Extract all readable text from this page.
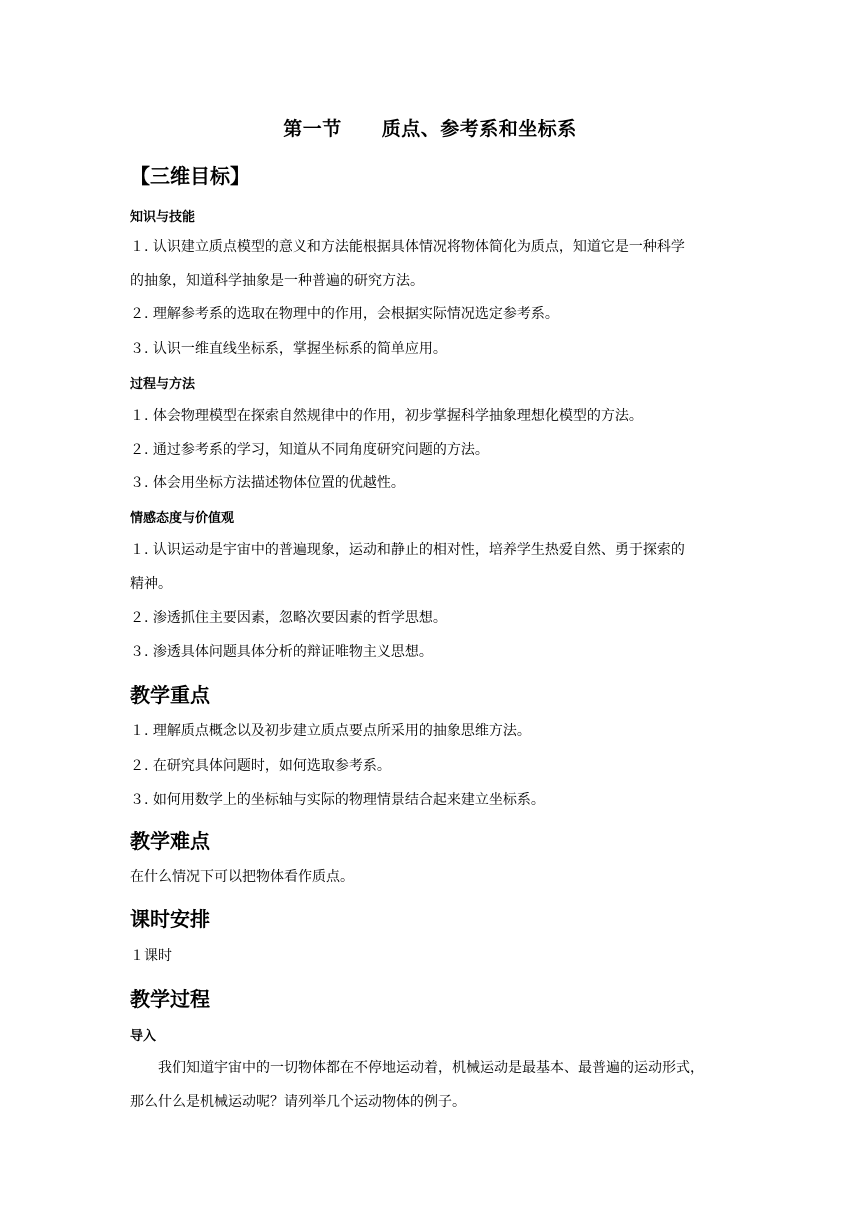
第一节 质点、参考系和坐标系
【三维目标】
知识与技能
１. 认识建立质点模型的意义和方法能根据具体情况将物体简化为质点，知道它是一种科学
的抽象，知道科学抽象是一种普遍的研究方法。
２. 理解参考系的选取在物理中的作用，会根据实际情况选定参考系。
３. 认识一维直线坐标系，掌握坐标系的简单应用。
过程与方法
１. 体会物理模型在探索自然规律中的作用，初步掌握科学抽象理想化模型的方法。
２. 通过参考系的学习，知道从不同角度研究问题的方法。
３. 体会用坐标方法描述物体位置的优越性。
情感态度与价值观
１. 认识运动是宇宙中的普遍现象，运动和静止的相对性，培养学生热爱自然、勇于探索的
精神。
２. 渗透抓住主要因素，忽略次要因素的哲学思想。
３. 渗透具体问题具体分析的辩证唯物主义思想。
教学重点
１. 理解质点概念以及初步建立质点要点所采用的抽象思维方法。
２. 在研究具体问题时，如何选取参考系。
３. 如何用数学上的坐标轴与实际的物理情景结合起来建立坐标系。
教学难点
在什么情况下可以把物体看作质点。
课时安排
１课时
教学过程
导入
我们知道宇宙中的一切物体都在不停地运动着，机械运动是最基本、最普遍的运动形式，
那么什么是机械运动呢？请列举几个运动物体的例子。
